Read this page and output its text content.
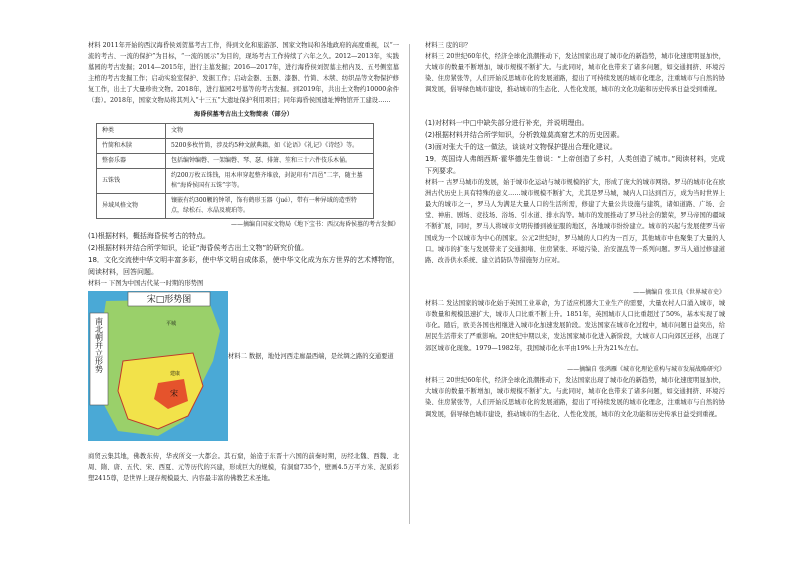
材料 2011年开始的西汉海昏侯刘贺墓考古工作，得到文化和旅游部、国家文物局和各地政府的高度重视，以“一流的考古、一流的保护”为目标，“一流的展示”为目的，现场考古工作持续了六年之久。2012—2013年，实践墓园的考古发掘；2014—2015年，进行主墓发掘；2016—2017年，进行海昏侯刘贺墓主棺内及、五号侧室墓主棺的考古发掘工作；启动实验室保护、发掘工作；启动金器、玉器、漆器、竹简、木牍、纺织品等文物保护修复工作，出土了大量珍贵文物。2018年，进行墓园2号墓等的考古发掘。到2019年，共出土文物约10000余件（套）。2018年，国家文物局将其列入“十三五”大遗址保护利用项目；同年海昏侯国遗址博物馆开工建设……

海昏侯墓考古出土文物简表（部分）
种类	文物
竹简和木牍	5200多枚竹简，涉及约5种文献典籍，如《论语》《礼记》《诗经》等。
整套乐器	包括编钟编磬、一架编磬、琴、瑟、排箫、笙和三十六件伎乐木俑。
五铢钱	约200万枚五铢钱，用木串穿起整齐堆放，封泥印有“昌邑”二字，随主墓棺“海昏侯国有五铢”字等。
异域风格文物	镶嵌有约300颗的钟罩，饰有鹤形玉器（jué），带有一种异域的造型特点，绿松石、水晶及琥珀等。

——摘编自国家文物局《地下宝书：西汉海昏侯墓的考古发掘》

(1)根据材料，概括海昏侯考古的特点。

(2)根据材料并结合所学知识，论证“海昏侯考古出土文物”的研究价值。

18．文化交流使中华文明丰富多彩，使中华文明自成体系，使中华文化成为东方世界的艺术博物馆，阅读材料，回答问题。

材料一 下图为中国古代某一时期的形势图

宋□形势图
南北朝并立形势	平城
建康
宋

材料二 数据，地处河西走廊最西端，是丝绸之路的交通要道

商贸云集其地，佛教东传，华戎所交一大都会。其石窟，始造于东晋十六国的前秦时期，历经北魏、西魏、北周、隋、唐、五代、宋、西夏、元等历代的兴建，形成巨大的规模，有洞窟735个，壁画4.5万平方米、泥质彩塑2415尊，是世界上现存规模最大、内容最丰富的佛教艺术圣地。

材料三 庋的印？

材料三 20世纪60年代，经济全球化浪潮推动下，发达国家出现了城市化的新趋势，城市化速度明显加快，大城市的数量不断增加，城市规模不断扩大。与此同时，城市化也带来了诸多问题，如交通拥挤、环境污染、住房紧张等，人们开始反思城市化的发展道路，提出了可持续发展的城市化理念，注重城市与自然的协调发展，倡导绿色城市建设，推动城市的生态化、人性化发展，城市的文化功能和历史传承日益受到重视。

(1)对材料一中□中缺失部分进行补充，并说明理由。

(2)根据材料并结合所学知识，分析敦煌莫高窟艺术的历史因素。

(3)面对张大千的这一做法，谈谈对文物保护提出合理化建议。

19．英国诗人弗朗西斯·霍华德先生曾说：“上帝创造了乡村，人类创造了城市。”阅读材料，完成下列要求。

材料一 古罗马城市的发展，始于城市化运动与城市规模的扩大，形成了庞大的城市网络。罗马的城市化在欧洲古代历史上具有特殊的意义……城市规模不断扩大，尤其是罗马城，城内人口达到百万，成为当时世界上最大的城市之一，罗马人为满足大量人口的生活所需，修建了大量公共设施与建筑，诸如道路、广场、会堂、神庙、剧场、竞技场、浴场、引水道、排水沟等。城市的发展推动了罗马社会的繁荣，罗马帝国的疆域不断扩展，同时，罗马人将城市文明传播到被征服的地区，各地城市纷纷建立。城市的兴起与发展使罗马帝国成为一个以城市为中心的国家。公元2世纪时，罗马城的人口约为一百万，其他城市中也聚集了大量的人口。城市的扩张与发展带来了交通拥堵、住房紧张、环境污染、治安混乱等一系列问题。罗马人通过修建道路、改善供水系统、建立消防队等措施努力应对。

——摘编自 张卫良《世界城市史》

材料二 发达国家的城市化始于英国工业革命，为了适应机器大工业生产的需要，大量农村人口涌入城市，城市数量和规模迅速扩大，城市人口比重不断上升。1851年，英国城市人口比重超过了50%，基本实现了城市化。随后，欧美各国也相继进入城市化加速发展阶段。发达国家在城市化过程中，城市问题日益突出，给居民生活带来了严重影响。20世纪中期以来，发达国家城市化进入新阶段，大城市人口向郊区迁移，出现了郊区城市化现象。1979—1982年，我国城市化水平由19%上升为21%左右。

——摘编自 张鸿雁《城市化理论重构与城市发展战略研究》

材料三 20世纪60年代，经济全球化浪潮推动下，发达国家出现了城市化的新趋势，城市化速度明显加快，大城市的数量不断增加，城市规模不断扩大。与此同时，城市化也带来了诸多问题，如交通拥挤、环境污染、住房紧张等，人们开始反思城市化的发展道路，提出了可持续发展的城市化理念，注重城市与自然的协调发展，倡导绿色城市建设，推动城市的生态化、人性化发展，城市的文化功能和历史传承日益受到重视。
